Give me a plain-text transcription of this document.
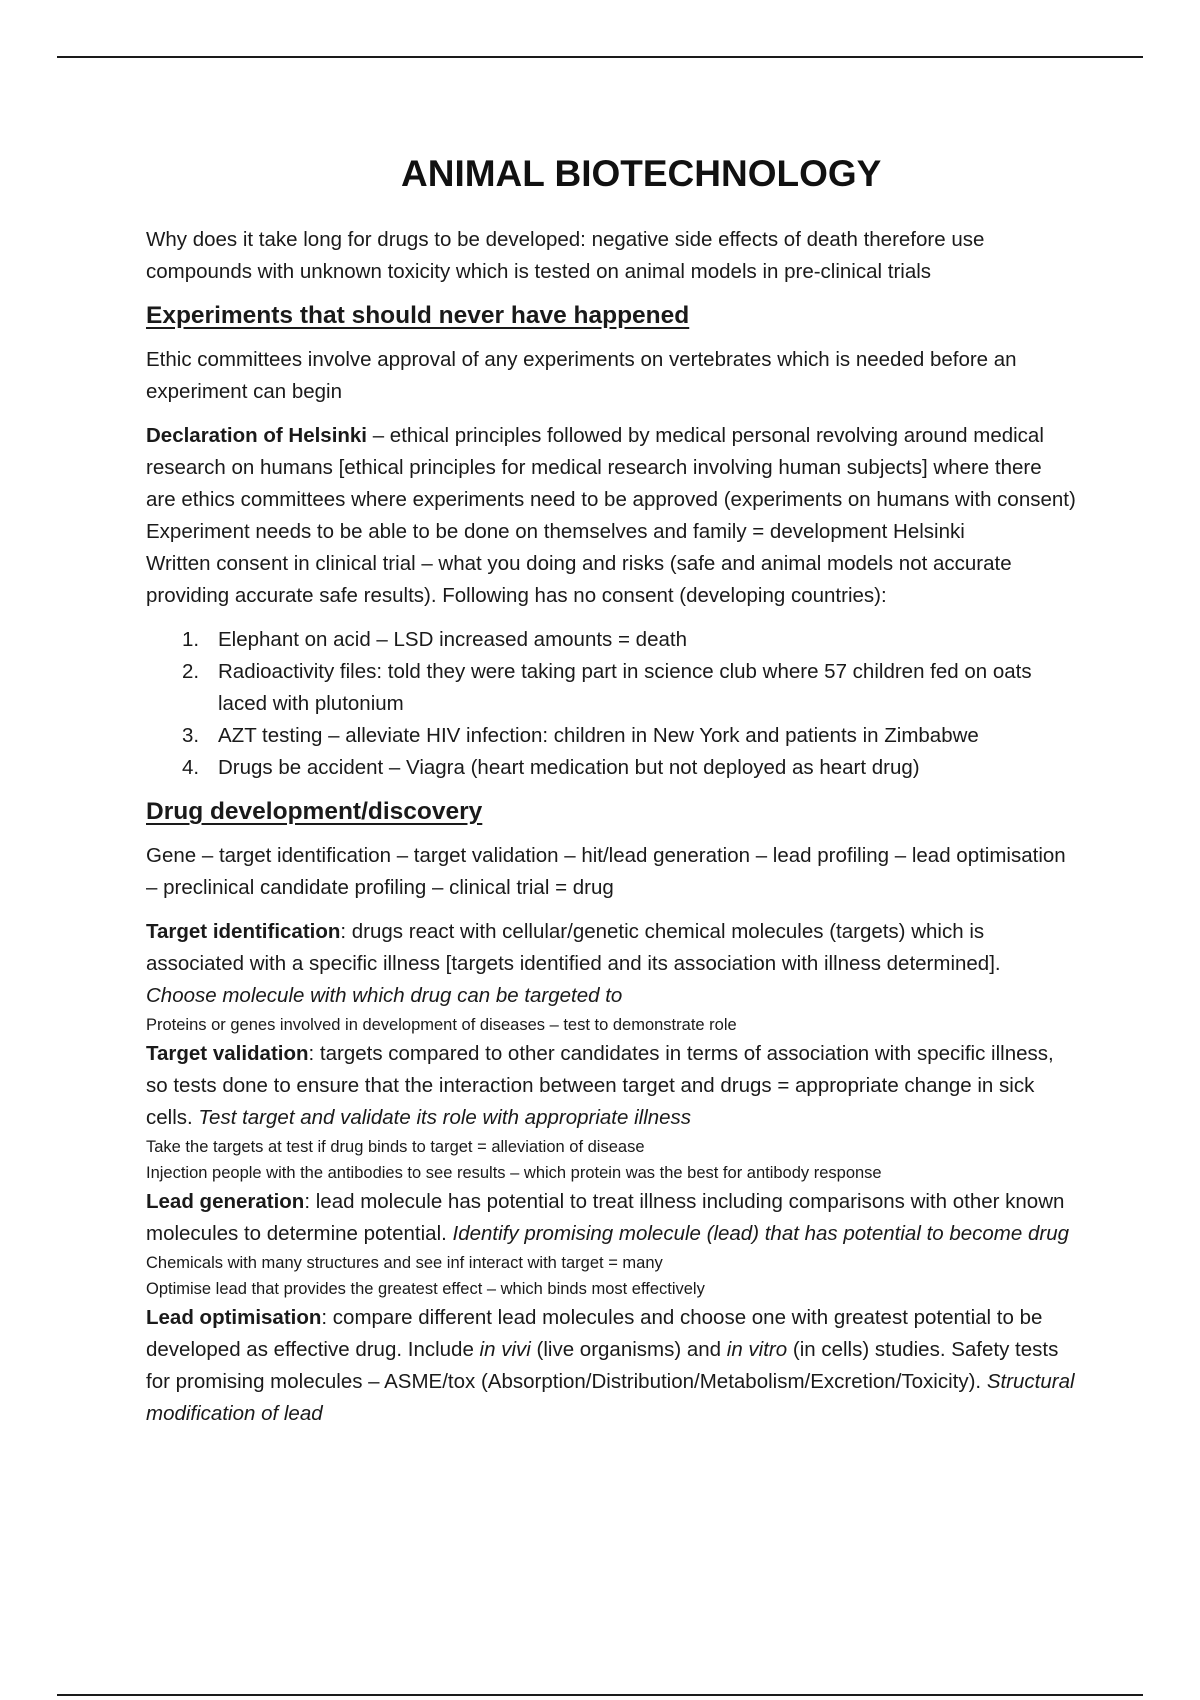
ANIMAL BIOTECHNOLOGY

Why does it take long for drugs to be developed: negative side effects of death therefore use compounds with unknown toxicity which is tested on animal models in pre-clinical trials

Experiments that should never have happened

Ethic committees involve approval of any experiments on vertebrates which is needed before an experiment can begin

Declaration of Helsinki – ethical principles followed by medical personal revolving around medical research on humans [ethical principles for medical research involving human subjects] where there are ethics committees where experiments need to be approved (experiments on humans with consent)

Experiment needs to be able to be done on themselves and family = development Helsinki

Written consent in clinical trial – what you doing and risks (safe and animal models not accurate providing accurate safe results). Following has no consent (developing countries):

1. Elephant on acid – LSD increased amounts = death
2. Radioactivity files: told they were taking part in science club where 57 children fed on oats laced with plutonium
3. AZT testing – alleviate HIV infection: children in New York and patients in Zimbabwe
4. Drugs be accident – Viagra (heart medication but not deployed as heart drug)
Drug development/discovery

Gene – target identification – target validation – hit/lead generation – lead profiling – lead optimisation – preclinical candidate profiling – clinical trial = drug

Target identification: drugs react with cellular/genetic chemical molecules (targets) which is associated with a specific illness [targets identified and its association with illness determined]. Choose molecule with which drug can be targeted to

Proteins or genes involved in development of diseases – test to demonstrate role

Target validation: targets compared to other candidates in terms of association with specific illness, so tests done to ensure that the interaction between target and drugs = appropriate change in sick cells. Test target and validate its role with appropriate illness

Take the targets at test if drug binds to target = alleviation of disease

Injection people with the antibodies to see results – which protein was the best for antibody response

Lead generation: lead molecule has potential to treat illness including comparisons with other known molecules to determine potential. Identify promising molecule (lead) that has potential to become drug

Chemicals with many structures and see inf interact with target = many

Optimise lead that provides the greatest effect – which binds most effectively

Lead optimisation: compare different lead molecules and choose one with greatest potential to be developed as effective drug. Include in vivi (live organisms) and in vitro (in cells) studies. Safety tests for promising molecules – ASME/tox (Absorption/Distribution/Metabolism/Excretion/Toxicity). Structural modification of lead
